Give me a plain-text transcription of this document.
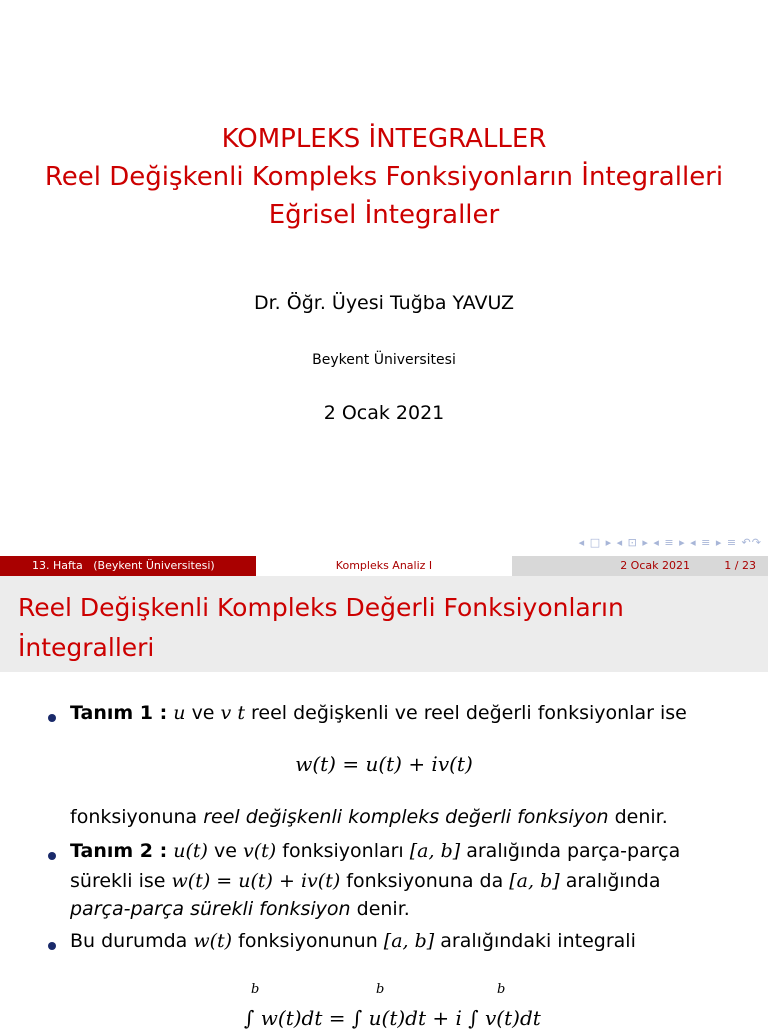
KOMPLEKS İNTEGRALLER
Reel Değişkenli Kompleks Fonksiyonların İntegralleri
Eğrisel İntegraller
Dr. Öğr. Üyesi Tuğba YAVUZ
Beykent Üniversitesi
2 Ocak 2021
◂ □ ▸ ◂ ⊡ ▸ ◂ ≡ ▸ ◂ ≡ ▸ ≡ ↶↷
13. Hafta   (Beykent Üniversitesi)	Kompleks Analiz I	2 Ocak 2021	1 / 23
Reel Değişkenli Kompleks Değerli Fonksiyonların
İntegralleri
Tanım 1 : u ve v t reel değişkenli ve reel değerli fonksiyonlar ise
w(t) = u(t) + iv(t)
fonksiyonuna reel değişkenli kompleks değerli fonksiyon denir.
Tanım 2 : u(t) ve v(t) fonksiyonları [a, b] aralığında parça-parça
sürekli ise w(t) = u(t) + iv(t) fonksiyonuna da [a, b] aralığında
parça-parça sürekli fonksiyon denir.
Bu durumda w(t) fonksiyonunun [a, b] aralığındaki integrali
b	b	b
∫ w(t)dt = ∫ u(t)dt + i ∫ v(t)dt
